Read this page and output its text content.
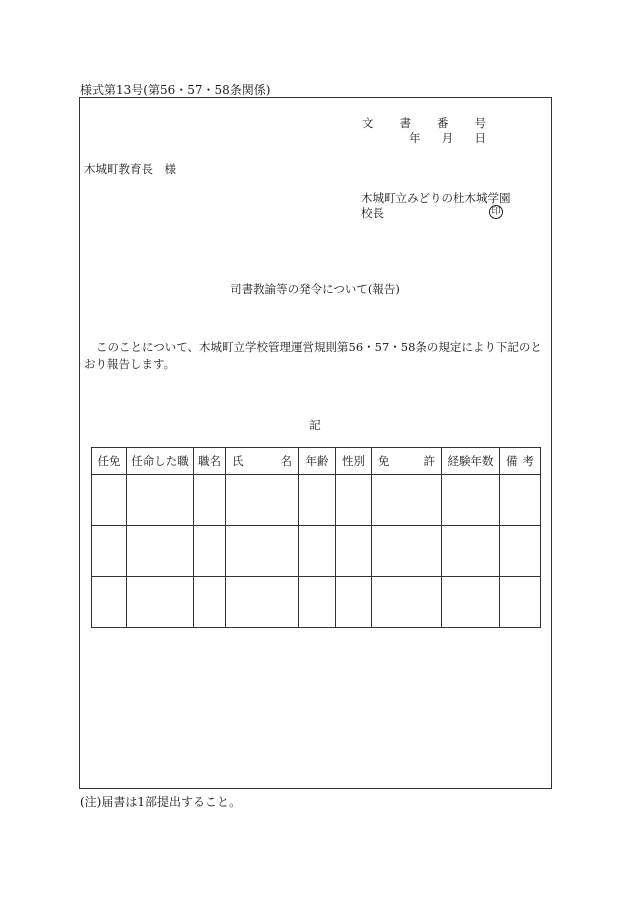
様式第13号(第56・57・58条関係)
文 書 番 号
年 月 日
木城町教育長　様
木城町立みどりの杜木城学園
校長	印
司書教諭等の発令について(報告)
このことについて、木城町立学校管理運営規則第56・57・58条の規定により下記のとおり報告します。
記
任免	任命した職	職名	氏 名	年齢	性別	免 許	経験年数	備 考

(注)届書は1部提出すること。
